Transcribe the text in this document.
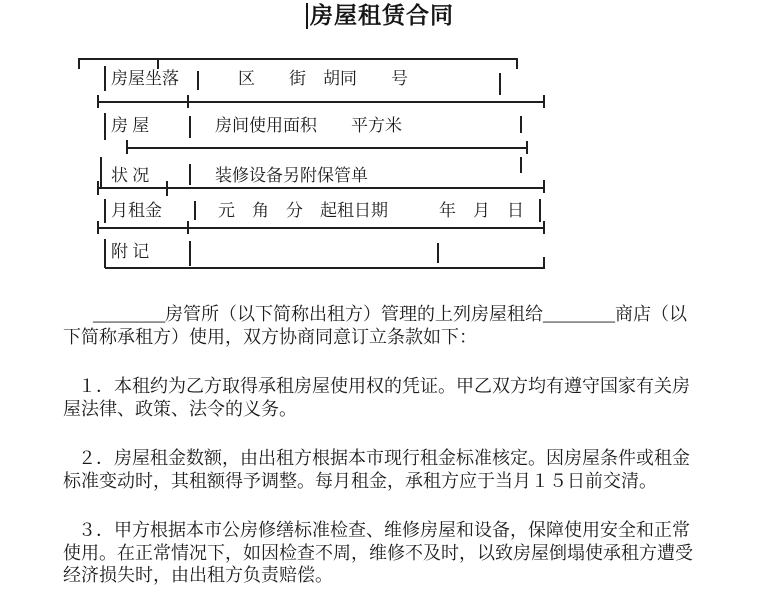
房屋租赁合同
房屋坐落	区　　街　胡同　　号
房 屋	房间使用面积　　平方米
状 况	装修设备另附保管单
月租金	元　角　分　起租日期　　　年　月　日
附 记

________房管所（以下简称出租方）管理的上列房屋租给________商店（以下简称承租方）使用，双方协商同意订立条款如下：

１．本租约为乙方取得承租房屋使用权的凭证。甲乙双方均有遵守国家有关房屋法律、政策、法令的义务。

２．房屋租金数额，由出租方根据本市现行租金标准核定。因房屋条件或租金标准变动时，其租额得予调整。每月租金，承租方应于当月１５日前交清。

３．甲方根据本市公房修缮标准检查、维修房屋和设备，保障使用安全和正常使用。在正常情况下，如因检查不周，维修不及时，以致房屋倒塌使承租方遭受经济损失时，由出租方负责赔偿。
